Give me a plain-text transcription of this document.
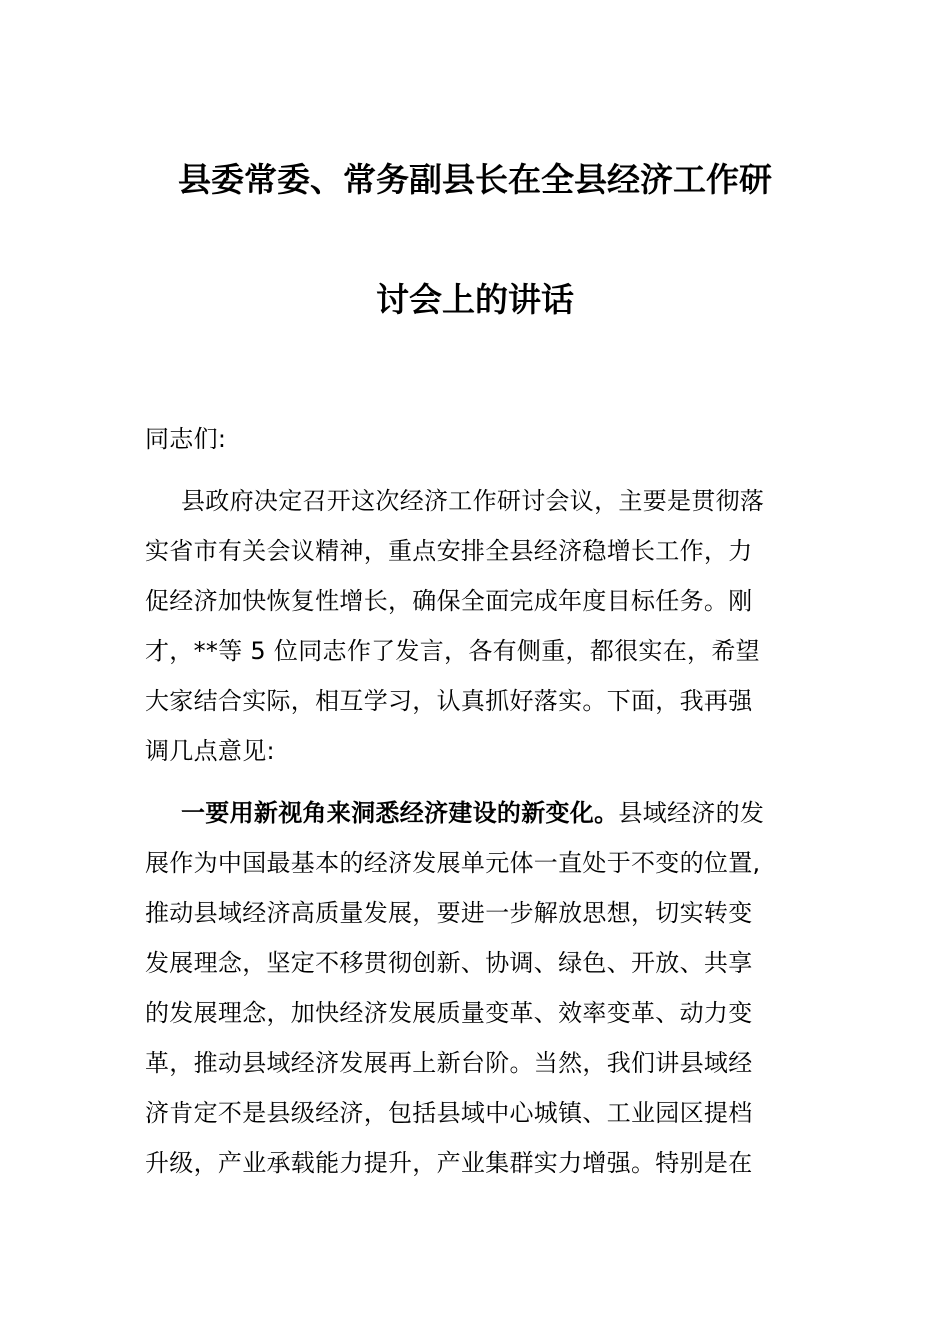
县委常委、常务副县长在全县经济工作研
讨会上的讲话
同志们:
县政府决定召开这次经济工作研讨会议，主要是贯彻落
实省市有关会议精神，重点安排全县经济稳增长工作，力
促经济加快恢复性增长，确保全面完成年度目标任务。刚
才，**等 5 位同志作了发言，各有侧重，都很实在，希望
大家结合实际，相互学习，认真抓好落实。下面，我再强
调几点意见:
一要用新视角来洞悉经济建设的新变化。县域经济的发
展作为中国最基本的经济发展单元体一直处于不变的位置,
推动县域经济高质量发展，要进一步解放思想，切实转变
发展理念，坚定不移贯彻创新、协调、绿色、开放、共享
的发展理念，加快经济发展质量变革、效率变革、动力变
革，推动县域经济发展再上新台阶。当然，我们讲县域经
济肯定不是县级经济，包括县域中心城镇、工业园区提档
升级，产业承载能力提升，产业集群实力增强。特别是在
